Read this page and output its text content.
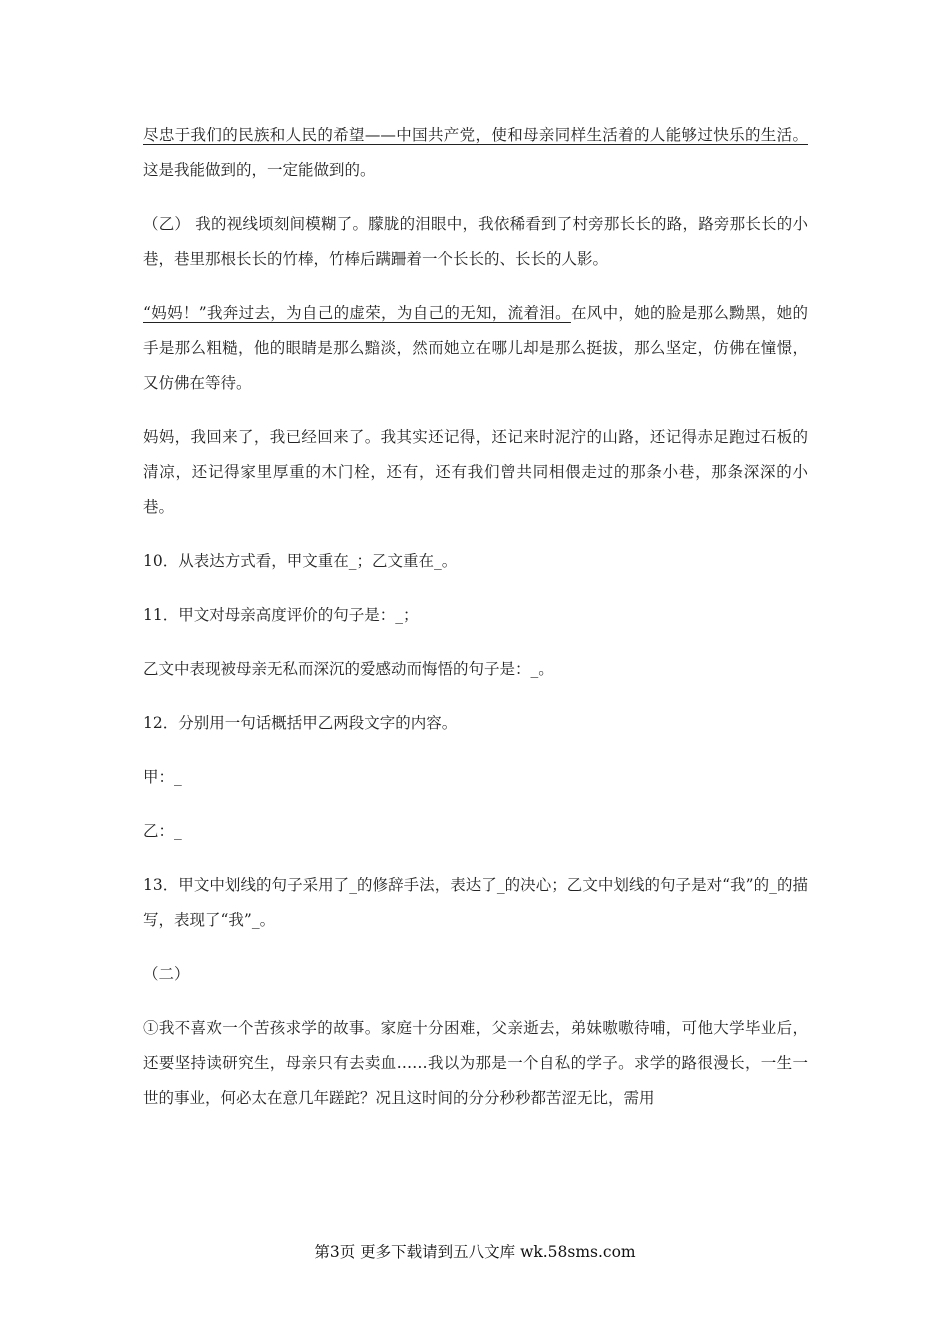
尽忠于我们的民族和人民的希望——中国共产党，使和母亲同样生活着的人能够过快乐的生活。这是我能做到的，一定能做到的。

（乙） 我的视线顷刻间模糊了。朦胧的泪眼中，我依稀看到了村旁那长长的路，路旁那长长的小巷，巷里那根长长的竹棒，竹棒后蹒跚着一个长长的、长长的人影。

“妈妈！”我奔过去，为自己的虚荣，为自己的无知，流着泪。在风中，她的脸是那么黝黑，她的手是那么粗糙，他的眼睛是那么黯淡，然而她立在哪儿却是那么挺拔，那么坚定，仿佛在憧憬，又仿佛在等待。

妈妈，我回来了，我已经回来了。我其实还记得，还记来时泥泞的山路，还记得赤足跑过石板的清凉，还记得家里厚重的木门栓，还有，还有我们曾共同相偎走过的那条小巷，那条深深的小巷。

10．从表达方式看，甲文重在_；乙文重在_。

11．甲文对母亲高度评价的句子是：_；

乙文中表现被母亲无私而深沉的爱感动而悔悟的句子是：_。

12．分别用一句话概括甲乙两段文字的内容。

甲：_

乙：_

13．甲文中划线的句子采用了_的修辞手法，表达了_的决心；乙文中划线的句子是对“我”的_的描写，表现了“我”_。

（二）

①我不喜欢一个苦孩求学的故事。家庭十分困难，父亲逝去，弟妹嗷嗷待哺，可他大学毕业后，还要坚持读研究生，母亲只有去卖血……我以为那是一个自私的学子。求学的路很漫长，一生一世的事业，何必太在意几年蹉跎？况且这时间的分分秒秒都苦涩无比，需用

第3页 更多下载请到五八文库 wk.58sms.com
